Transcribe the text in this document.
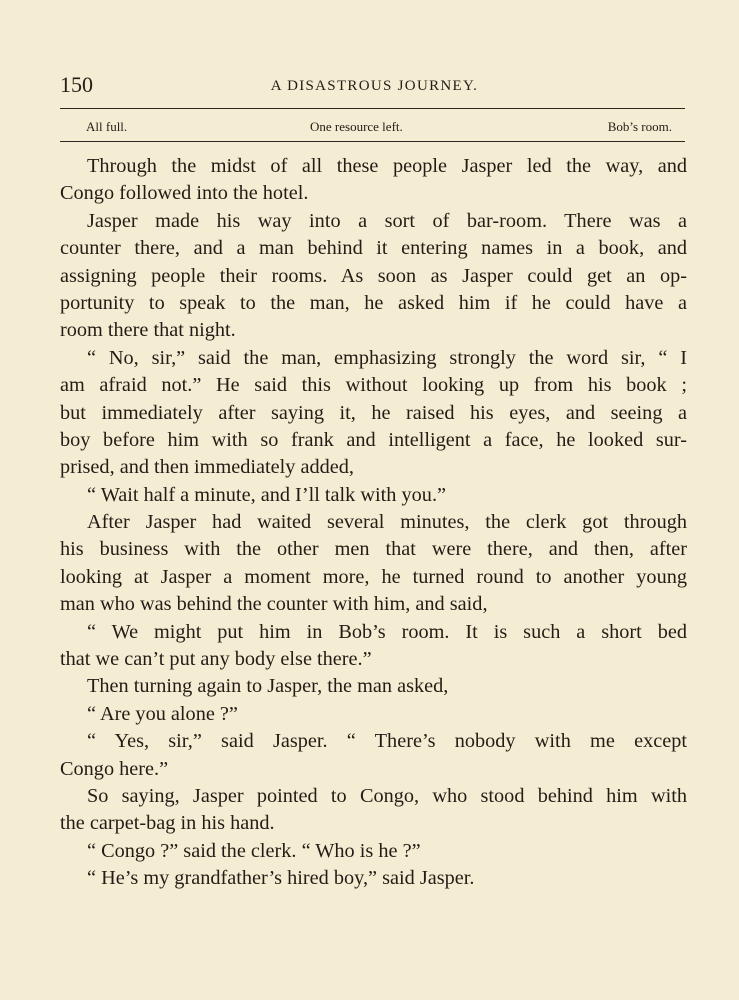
150	A DISASTROUS JOURNEY.
All full.	One resource left.	Bob’s room.
Through the midst of all these people Jasper led the way, and
Congo followed into the hotel.
Jasper made his way into a sort of bar-room. There was a
counter there, and a man behind it entering names in a book, and
assigning people their rooms. As soon as Jasper could get an op-
portunity to speak to the man, he asked him if he could have a
room there that night.
“ No, sir,” said the man, emphasizing strongly the word sir, “ I
am afraid not.” He said this without looking up from his book ;
but immediately after saying it, he raised his eyes, and seeing a
boy before him with so frank and intelligent a face, he looked sur-
prised, and then immediately added,
“ Wait half a minute, and I’ll talk with you.”
After Jasper had waited several minutes, the clerk got through
his business with the other men that were there, and then, after
looking at Jasper a moment more, he turned round to another young
man who was behind the counter with him, and said,
“ We might put him in Bob’s room. It is such a short bed
that we can’t put any body else there.”
Then turning again to Jasper, the man asked,
“ Are you alone ?”
“ Yes, sir,” said Jasper. “ There’s nobody with me except
Congo here.”
So saying, Jasper pointed to Congo, who stood behind him with
the carpet-bag in his hand.
“ Congo ?” said the clerk. “ Who is he ?”
“ He’s my grandfather’s hired boy,” said Jasper.
